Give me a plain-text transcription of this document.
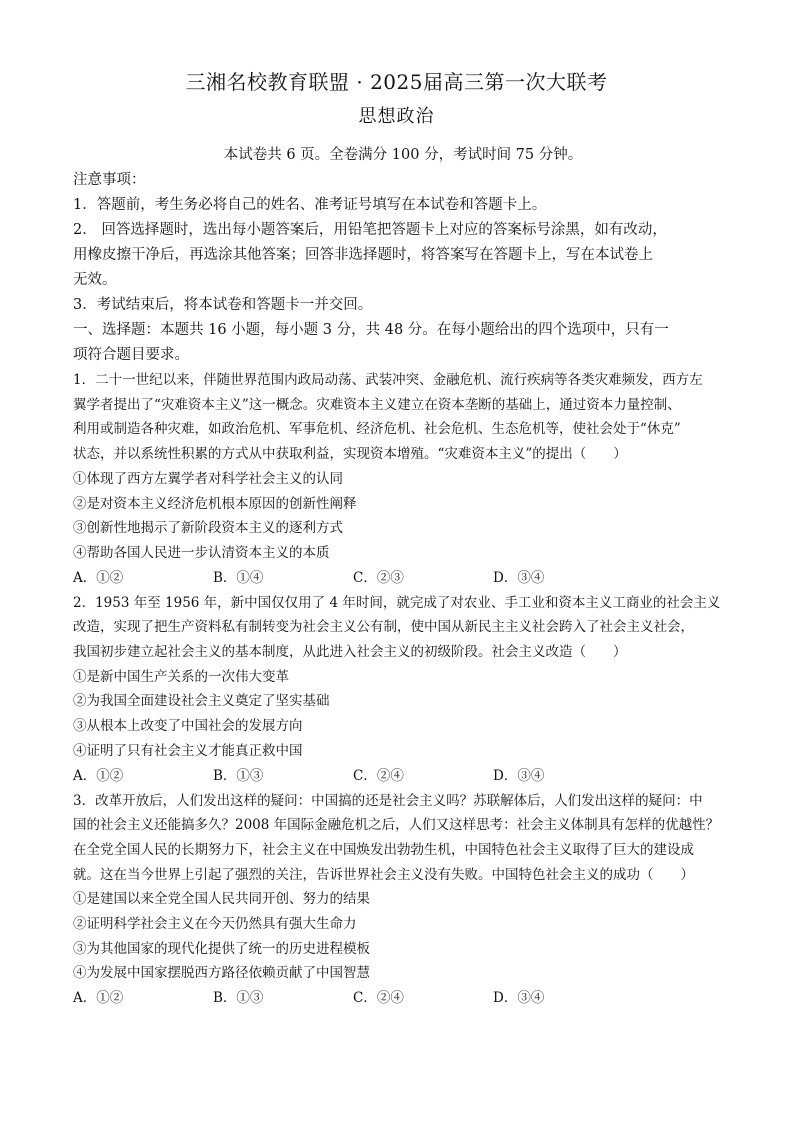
三湘名校教育联盟 · 2025届高三第一次大联考
思想政治
本试卷共 6 页。全卷满分 100 分，考试时间 75 分钟。
注意事项：
1．答题前，考生务必将自己的姓名、准考证号填写在本试卷和答题卡上。
2． 回答选择题时，选出每小题答案后，用铅笔把答题卡上对应的答案标号涂黑，如有改动，
用橡皮擦干净后，再选涂其他答案；回答非选择题时，将答案写在答题卡上，写在本试卷上
无效。
3．考试结束后，将本试卷和答题卡一并交回。
一、选择题：本题共 16 小题，每小题 3 分，共 48 分。在每小题给出的四个选项中，只有一
项符合题目要求。
1．二十一世纪以来，伴随世界范围内政局动荡、武装冲突、金融危机、流行疾病等各类灾难频发，西方左
翼学者提出了“灾难资本主义”这一概念。灾难资本主义建立在资本垄断的基础上，通过资本力量控制、
利用或制造各种灾难，如政治危机、军事危机、经济危机、社会危机、生态危机等，使社会处于“休克”
状态，并以系统性积累的方式从中获取利益，实现资本增殖。“灾难资本主义”的提出（　　）
①体现了西方左翼学者对科学社会主义的认同
②是对资本主义经济危机根本原因的创新性阐释
③创新性地揭示了新阶段资本主义的逐利方式
④帮助各国人民进一步认清资本主义的本质
A．①②	B．①④	C．②③	D．③④
2．1953 年至 1956 年，新中国仅仅用了 4 年时间，就完成了对农业、手工业和资本主义工商业的社会主义
改造，实现了把生产资料私有制转变为社会主义公有制，使中国从新民主主义社会跨入了社会主义社会，
我国初步建立起社会主义的基本制度，从此进入社会主义的初级阶段。社会主义改造（　　）
①是新中国生产关系的一次伟大变革
②为我国全面建设社会主义奠定了坚实基础
③从根本上改变了中国社会的发展方向
④证明了只有社会主义才能真正救中国
A．①②	B．①③	C．②④	D．③④
3．改革开放后，人们发出这样的疑问：中国搞的还是社会主义吗？苏联解体后，人们发出这样的疑问：中
国的社会主义还能搞多久？2008 年国际金融危机之后，人们又这样思考：社会主义体制具有怎样的优越性？
在全党全国人民的长期努力下，社会主义在中国焕发出勃勃生机，中国特色社会主义取得了巨大的建设成
就。这在当今世界上引起了强烈的关注，告诉世界社会主义没有失败。中国特色社会主义的成功（　　）
①是建国以来全党全国人民共同开创、努力的结果
②证明科学社会主义在今天仍然具有强大生命力
③为其他国家的现代化提供了统一的历史进程模板
④为发展中国家摆脱西方路径依赖贡献了中国智慧
A．①②	B．①③	C．②④	D．③④
